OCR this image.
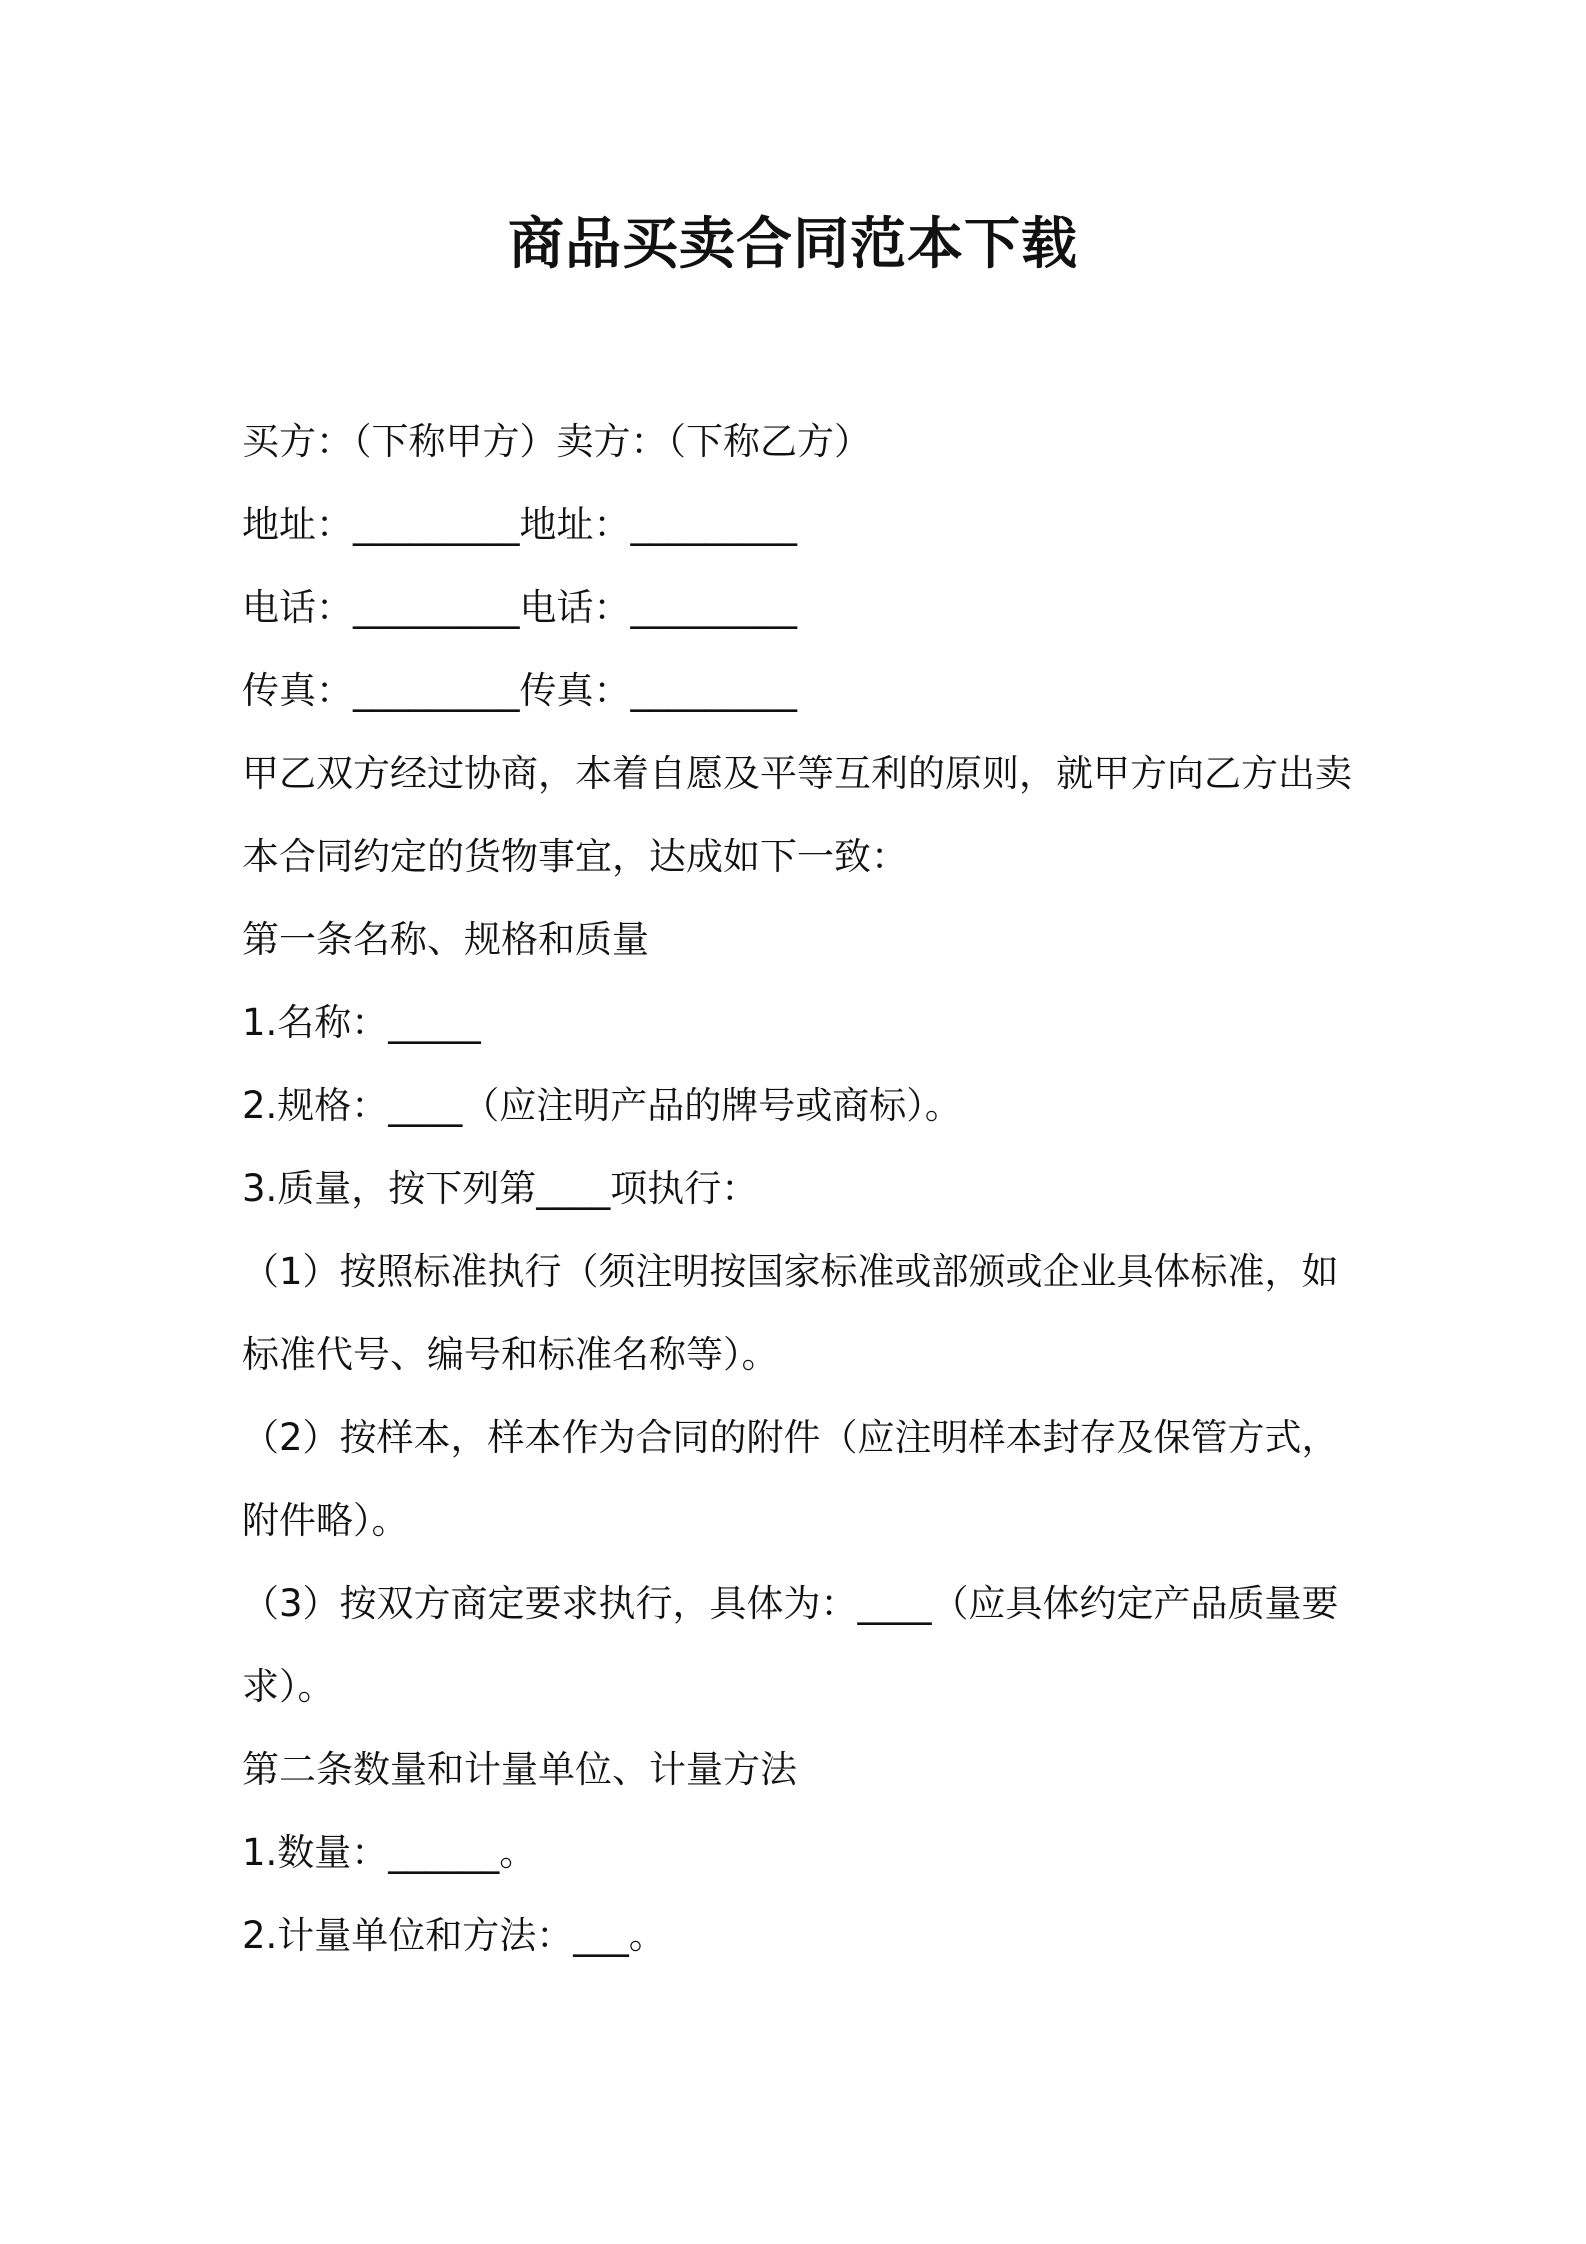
商品买卖合同范本下载

买方：（下称甲方）卖方：（下称乙方）

地址：_________地址：_________

电话：_________电话：_________

传真：_________传真：_________

甲乙双方经过协商，本着自愿及平等互利的原则，就甲方向乙方出卖

本合同约定的货物事宜，达成如下一致：

第一条名称、规格和质量

1.名称：_____

2.规格：____（应注明产品的牌号或商标）。

3.质量，按下列第____项执行：

（1）按照标准执行（须注明按国家标准或部颁或企业具体标准，如

标准代号、编号和标准名称等）。

（2）按样本，样本作为合同的附件（应注明样本封存及保管方式，

附件略）。

（3）按双方商定要求执行，具体为：____（应具体约定产品质量要

求）。

第二条数量和计量单位、计量方法

1.数量：______。

2.计量单位和方法：___。
